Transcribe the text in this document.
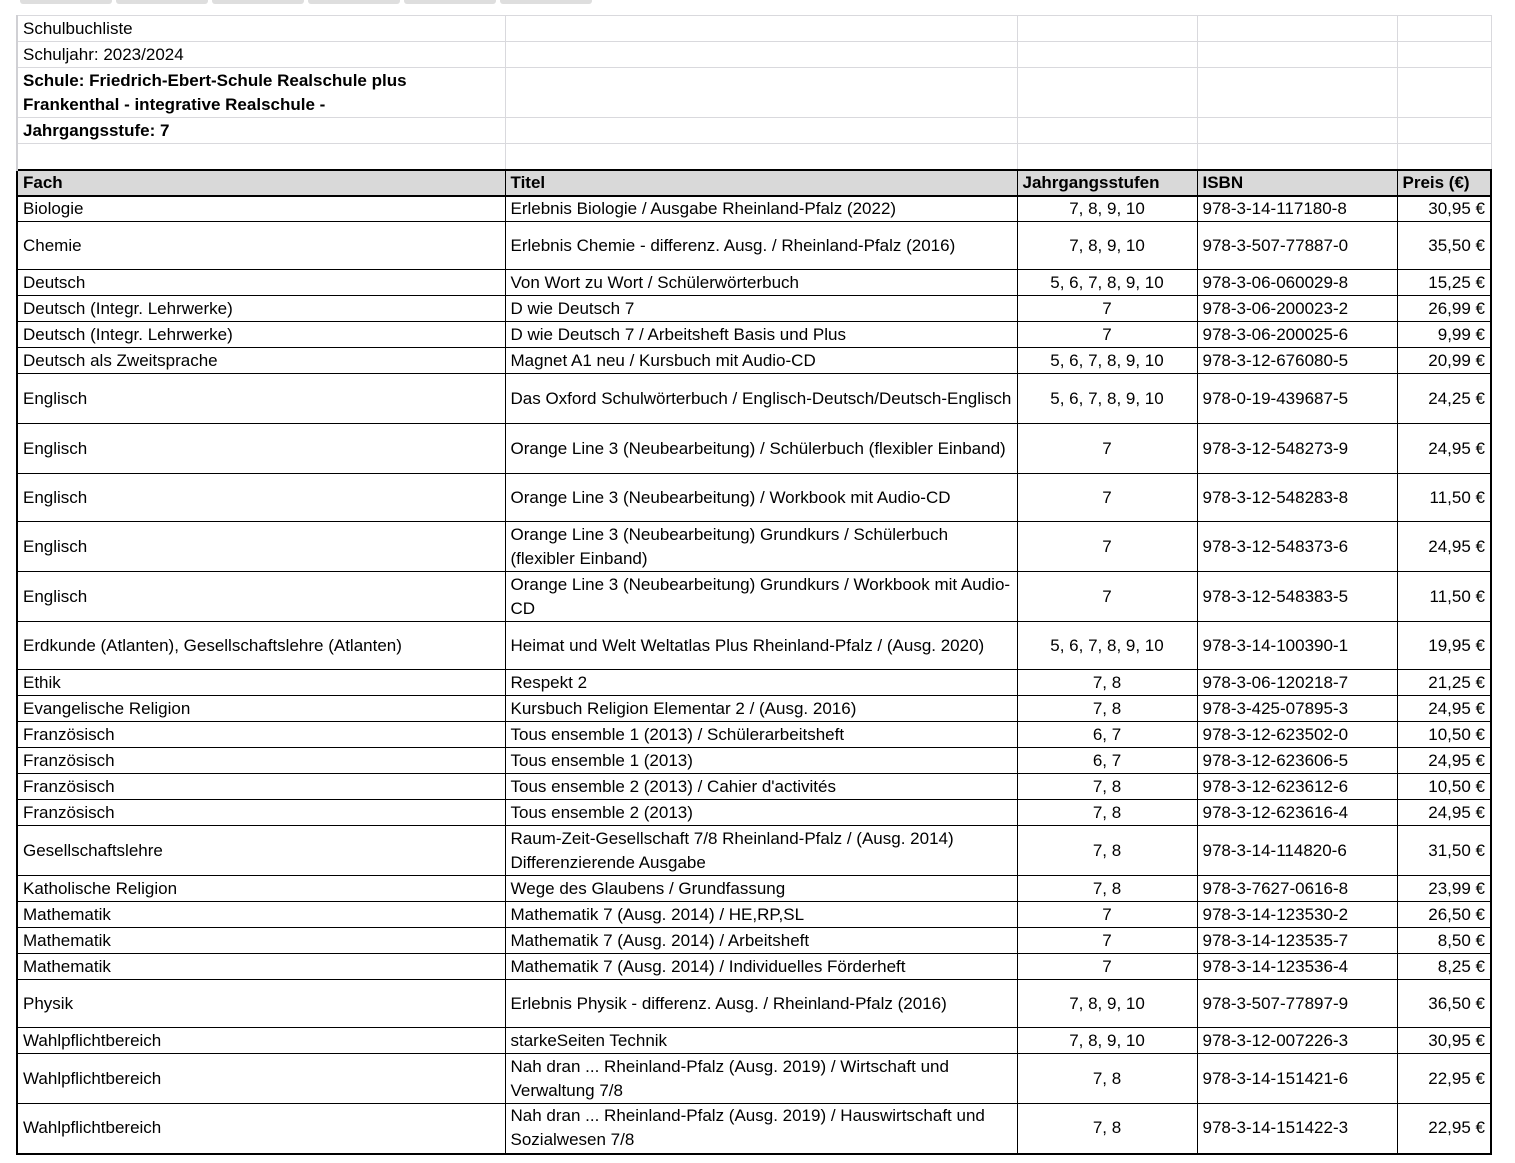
Schulbuchliste				
Schuljahr: 2023/2024				
Schule: Friedrich-Ebert-Schule Realschule plus Frankenthal - integrative Realschule -				
Jahrgangsstufe: 7				

Fach	Titel	Jahrgangsstufen	ISBN	Preis (€)
Biologie	Erlebnis Biologie / Ausgabe Rheinland-Pfalz (2022)	7, 8, 9, 10	978-3-14-117180-8	30,95 €
Chemie	Erlebnis Chemie - differenz. Ausg. / Rheinland-Pfalz (2016)	7, 8, 9, 10	978-3-507-77887-0	35,50 €
Deutsch	Von Wort zu Wort / Schülerwörterbuch	5, 6, 7, 8, 9, 10	978-3-06-060029-8	15,25 €
Deutsch (Integr. Lehrwerke)	D wie Deutsch 7	7	978-3-06-200023-2	26,99 €
Deutsch (Integr. Lehrwerke)	D wie Deutsch 7 / Arbeitsheft Basis und Plus	7	978-3-06-200025-6	9,99 €
Deutsch als Zweitsprache	Magnet A1 neu / Kursbuch mit Audio-CD	5, 6, 7, 8, 9, 10	978-3-12-676080-5	20,99 €
Englisch	Das Oxford Schulwörterbuch / Englisch-Deutsch/Deutsch-Englisch	5, 6, 7, 8, 9, 10	978-0-19-439687-5	24,25 €
Englisch	Orange Line 3 (Neubearbeitung) / Schülerbuch (flexibler Einband)	7	978-3-12-548273-9	24,95 €
Englisch	Orange Line 3 (Neubearbeitung) / Workbook mit Audio-CD	7	978-3-12-548283-8	11,50 €
Englisch	Orange Line 3 (Neubearbeitung) Grundkurs / Schülerbuch (flexibler Einband)	7	978-3-12-548373-6	24,95 €
Englisch	Orange Line 3 (Neubearbeitung) Grundkurs / Workbook mit Audio-CD	7	978-3-12-548383-5	11,50 €
Erdkunde (Atlanten), Gesellschaftslehre (Atlanten)	Heimat und Welt Weltatlas Plus Rheinland-Pfalz / (Ausg. 2020)	5, 6, 7, 8, 9, 10	978-3-14-100390-1	19,95 €
Ethik	Respekt 2	7, 8	978-3-06-120218-7	21,25 €
Evangelische Religion	Kursbuch Religion Elementar 2 / (Ausg. 2016)	7, 8	978-3-425-07895-3	24,95 €
Französisch	Tous ensemble 1 (2013) / Schülerarbeitsheft	6, 7	978-3-12-623502-0	10,50 €
Französisch	Tous ensemble 1 (2013)	6, 7	978-3-12-623606-5	24,95 €
Französisch	Tous ensemble 2 (2013) / Cahier d'activités	7, 8	978-3-12-623612-6	10,50 €
Französisch	Tous ensemble 2 (2013)	7, 8	978-3-12-623616-4	24,95 €
Gesellschaftslehre	Raum-Zeit-Gesellschaft 7/8 Rheinland-Pfalz / (Ausg. 2014) Differenzierende Ausgabe	7, 8	978-3-14-114820-6	31,50 €
Katholische Religion	Wege des Glaubens / Grundfassung	7, 8	978-3-7627-0616-8	23,99 €
Mathematik	Mathematik 7 (Ausg. 2014) / HE,RP,SL	7	978-3-14-123530-2	26,50 €
Mathematik	Mathematik 7 (Ausg. 2014) / Arbeitsheft	7	978-3-14-123535-7	8,50 €
Mathematik	Mathematik 7 (Ausg. 2014) / Individuelles Förderheft	7	978-3-14-123536-4	8,25 €
Physik	Erlebnis Physik - differenz. Ausg. / Rheinland-Pfalz (2016)	7, 8, 9, 10	978-3-507-77897-9	36,50 €
Wahlpflichtbereich	starkeSeiten Technik	7, 8, 9, 10	978-3-12-007226-3	30,95 €
Wahlpflichtbereich	Nah dran ... Rheinland-Pfalz (Ausg. 2019) / Wirtschaft und Verwaltung 7/8	7, 8	978-3-14-151421-6	22,95 €
Wahlpflichtbereich	Nah dran ... Rheinland-Pfalz (Ausg. 2019) / Hauswirtschaft und Sozialwesen 7/8	7, 8	978-3-14-151422-3	22,95 €
